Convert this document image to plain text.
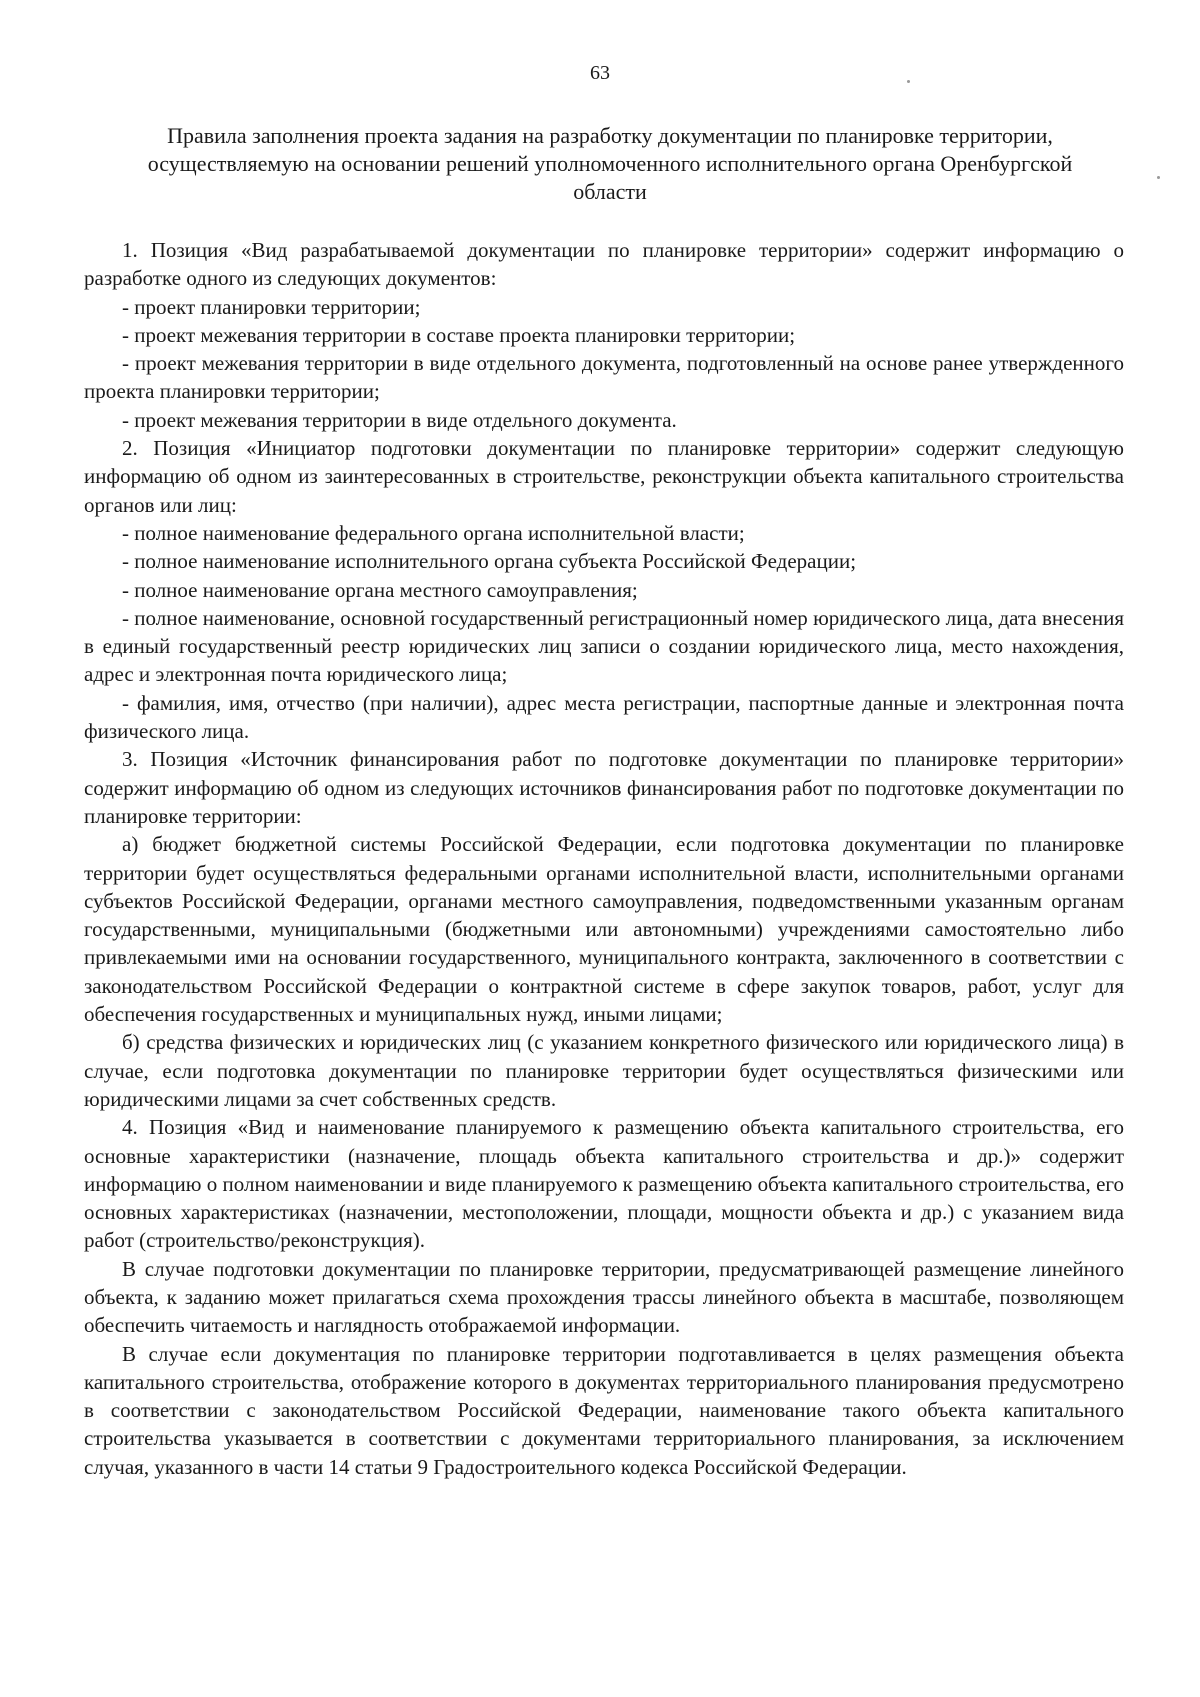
63
Правила заполнения проекта задания на разработку документации по планировке территории,
осуществляемую на основании решений уполномоченного исполнительного органа Оренбургской
области

1. Позиция «Вид разрабатываемой документации по планировке территории» содержит информацию о разработке одного из следующих документов:

- проект планировки территории;

- проект межевания территории в составе проекта планировки территории;

- проект межевания территории в виде отдельного документа, подготовленный на основе ранее утвержденного проекта планировки территории;

- проект межевания территории в виде отдельного документа.

2. Позиция «Инициатор подготовки документации по планировке территории» содержит следующую информацию об одном из заинтересованных в строительстве, реконструкции объекта капитального строительства органов или лиц:

- полное наименование федерального органа исполнительной власти;

- полное наименование исполнительного органа субъекта Российской Федерации;

- полное наименование органа местного самоуправления;

- полное наименование, основной государственный регистрационный номер юридического лица, дата внесения в единый государственный реестр юридических лиц записи о создании юридического лица, место нахождения, адрес и электронная почта юридического лица;

- фамилия, имя, отчество (при наличии), адрес места регистрации, паспортные данные и электронная почта физического лица.

3. Позиция «Источник финансирования работ по подготовке документации по планировке территории» содержит информацию об одном из следующих источников финансирования работ по подготовке документации по планировке территории:

а) бюджет бюджетной системы Российской Федерации, если подготовка документации по планировке территории будет осуществляться федеральными органами исполнительной власти, исполнительными органами субъектов Российской Федерации, органами местного самоуправления, подведомственными указанным органам государственными, муниципальными (бюджетными или автономными) учреждениями самостоятельно либо привлекаемыми ими на основании государственного, муниципального контракта, заключенного в соответствии с законодательством Российской Федерации о контрактной системе в сфере закупок товаров, работ, услуг для обеспечения государственных и муниципальных нужд, иными лицами;

б) средства физических и юридических лиц (с указанием конкретного физического или юридического лица) в случае, если подготовка документации по планировке территории будет осуществляться физическими или юридическими лицами за счет собственных средств.

4. Позиция «Вид и наименование планируемого к размещению объекта капитального строительства, его основные характеристики (назначение, площадь объекта капитального строительства и др.)» содержит информацию о полном наименовании и виде планируемого к размещению объекта капитального строительства, его основных характеристиках (назначении, местоположении, площади, мощности объекта и др.) с указанием вида работ (строительство/реконструкция).

В случае подготовки документации по планировке территории, предусматривающей размещение линейного объекта, к заданию может прилагаться схема прохождения трассы линейного объекта в масштабе, позволяющем обеспечить читаемость и наглядность отображаемой информации.

В случае если документация по планировке территории подготавливается в целях размещения объекта капитального строительства, отображение которого в документах территориального планирования предусмотрено в соответствии с законодательством Российской Федерации, наименование такого объекта капитального строительства указывается в соответствии с документами территориального планирования, за исключением случая, указанного в части 14 статьи 9 Градостроительного кодекса Российской Федерации.
